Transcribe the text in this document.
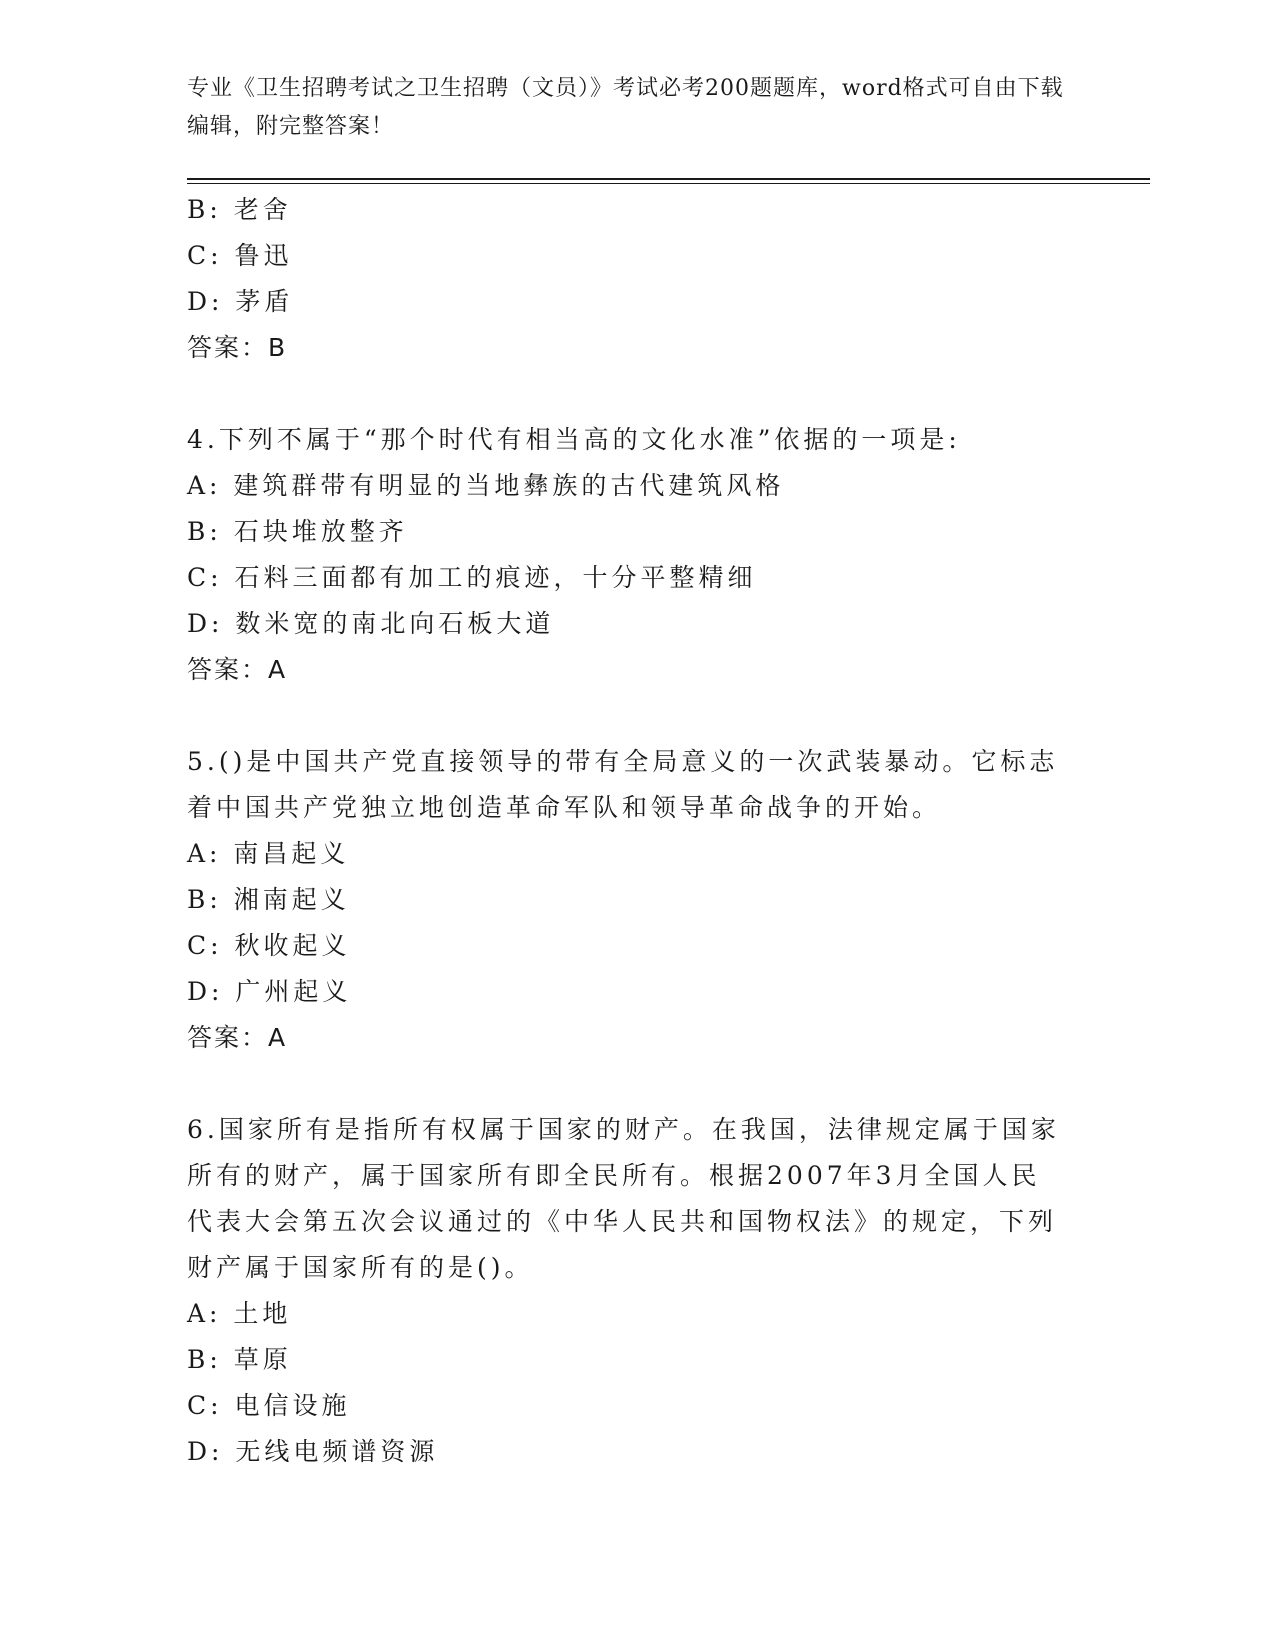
专业《卫生招聘考试之卫生招聘（文员）》考试必考200题题库，word格式可自由下载编辑，附完整答案！
B: 老舍
C: 鲁迅
D: 茅盾
答案：B
4.下列不属于“那个时代有相当高的文化水准”依据的一项是:
A: 建筑群带有明显的当地彝族的古代建筑风格
B: 石块堆放整齐
C: 石料三面都有加工的痕迹，十分平整精细
D: 数米宽的南北向石板大道
答案：A
5.()是中国共产党直接领导的带有全局意义的一次武装暴动。它标志着中国共产党独立地创造革命军队和领导革命战争的开始。
A: 南昌起义
B: 湘南起义
C: 秋收起义
D: 广州起义
答案：A
6.国家所有是指所有权属于国家的财产。在我国，法律规定属于国家所有的财产，属于国家所有即全民所有。根据2007年3月全国人民代表大会第五次会议通过的《中华人民共和国物权法》的规定，下列财产属于国家所有的是()。
A: 土地
B: 草原
C: 电信设施
D: 无线电频谱资源
